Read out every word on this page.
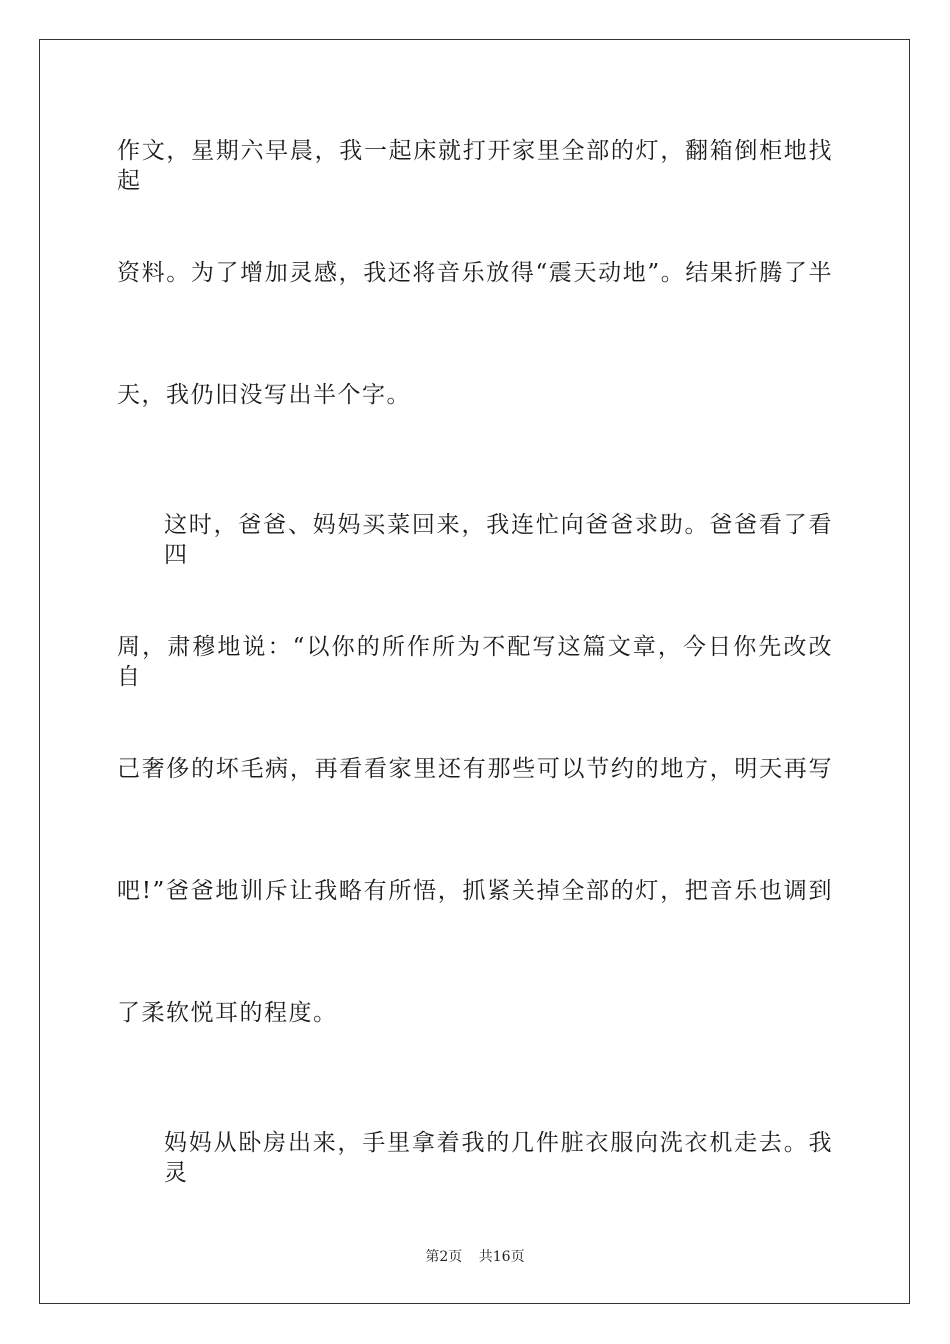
作文，星期六早晨，我一起床就打开家里全部的灯，翻箱倒柜地找起
资料。为了增加灵感，我还将音乐放得“震天动地”。结果折腾了半
天，我仍旧没写出半个字。
这时，爸爸、妈妈买菜回来，我连忙向爸爸求助。爸爸看了看四
周，肃穆地说：“以你的所作所为不配写这篇文章，今日你先改改自
己奢侈的坏毛病，再看看家里还有那些可以节约的地方，明天再写
吧!”爸爸地训斥让我略有所悟，抓紧关掉全部的灯，把音乐也调到
了柔软悦耳的程度。
妈妈从卧房出来，手里拿着我的几件脏衣服向洗衣机走去。我灵
第2页 共16页
